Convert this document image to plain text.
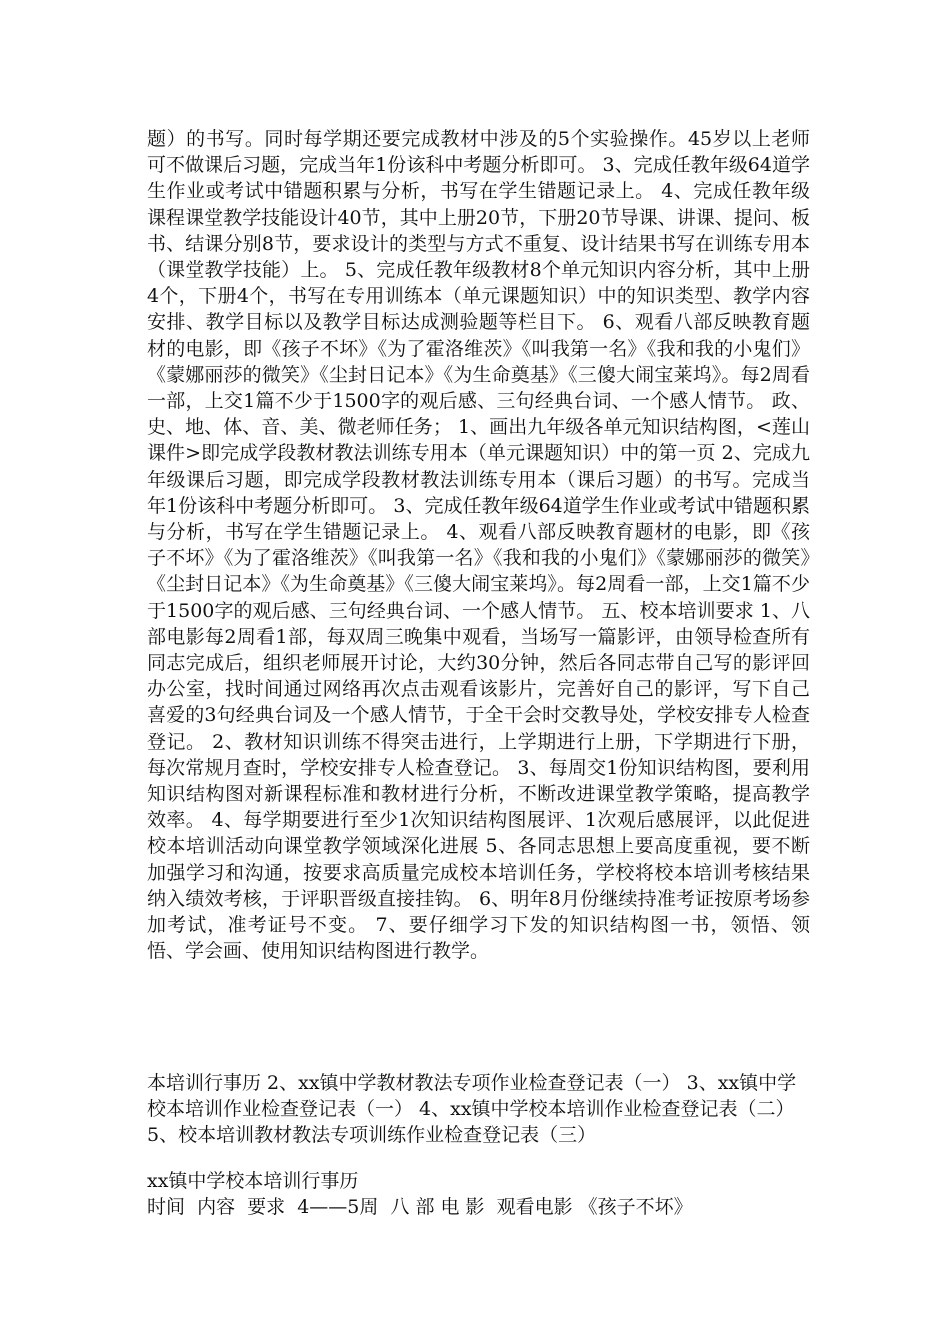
题）的书写。同时每学期还要完成教材中涉及的5个实验操作。45岁以上老师可不做课后习题，完成当年1份该科中考题分析即可。 3、完成任教年级64道学生作业或考试中错题积累与分析，书写在学生错题记录上。 4、完成任教年级课程课堂教学技能设计40节，其中上册20节，下册20节导课、讲课、提问、板书、结课分别8节，要求设计的类型与方式不重复、设计结果书写在训练专用本（课堂教学技能）上。 5、完成任教年级教材8个单元知识内容分析，其中上册4个，下册4个，书写在专用训练本（单元课题知识）中的知识类型、教学内容安排、教学目标以及教学目标达成测验题等栏目下。 6、观看八部反映教育题材的电影，即《孩子不坏》《为了霍洛维茨》《叫我第一名》《我和我的小鬼们》《蒙娜丽莎的微笑》《尘封日记本》《为生命奠基》《三傻大闹宝莱坞》。每2周看一部，上交1篇不少于1500字的观后感、三句经典台词、一个感人情节。 政、史、地、体、音、美、微老师任务； 1、画出九年级各单元知识结构图，<莲山 课件>即完成学段教材教法训练专用本（单元课题知识）中的第一页 2、完成九年级课后习题，即完成学段教材教法训练专用本（课后习题）的书写。完成当年1份该科中考题分析即可。 3、完成任教年级64道学生作业或考试中错题积累与分析，书写在学生错题记录上。 4、观看八部反映教育题材的电影，即《孩子不坏》《为了霍洛维茨》《叫我第一名》《我和我的小鬼们》《蒙娜丽莎的微笑》《尘封日记本》《为生命奠基》《三傻大闹宝莱坞》。每2周看一部，上交1篇不少于1500字的观后感、三句经典台词、一个感人情节。 五、校本培训要求 1、八部电影每2周看1部，每双周三晚集中观看，当场写一篇影评，由领导检查所有同志完成后，组织老师展开讨论，大约30分钟，然后各同志带自己写的影评回办公室，找时间通过网络再次点击观看该影片，完善好自己的影评，写下自己喜爱的3句经典台词及一个感人情节，于全干会时交教导处，学校安排专人检查登记。 2、教材知识训练不得突击进行，上学期进行上册，下学期进行下册，每次常规月查时，学校安排专人检查登记。 3、每周交1份知识结构图，要利用知识结构图对新课程标准和教材进行分析，不断改进课堂教学策略，提高教学效率。 4、每学期要进行至少1次知识结构图展评、1次观后感展评，以此促进校本培训活动向课堂教学领域深化进展 5、各同志思想上要高度重视，要不断加强学习和沟通，按要求高质量完成校本培训任务，学校将校本培训考核结果纳入绩效考核，于评职晋级直接挂钩。 6、明年8月份继续持准考证按原考场参加考试，准考证号不变。 7、要仔细学习下发的知识结构图一书，领悟、领悟、学会画、使用知识结构图进行教学。

本培训行事历 2、xx镇中学教材教法专项作业检查登记表（一） 3、xx镇中学校本培训作业检查登记表（一） 4、xx镇中学校本培训作业检查登记表（二） 5、校本培训教材教法专项训练作业检查登记表（三）

xx镇中学校本培训行事历
时间 内容 要求 4——5周 八 部 电 影 观看电影 《孩子不坏》
